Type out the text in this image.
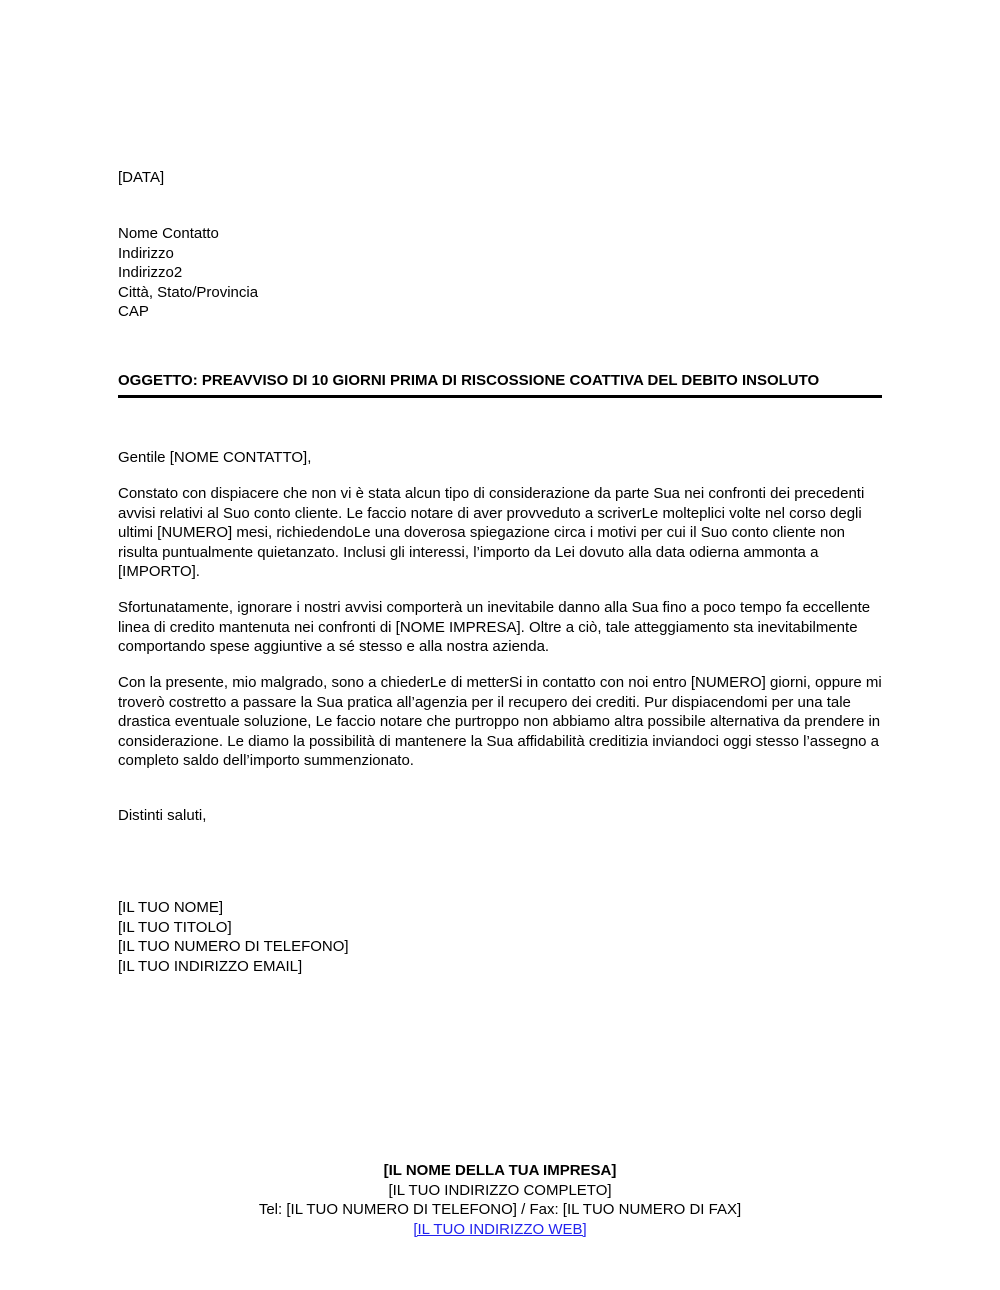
[DATA]
Nome Contatto
Indirizzo
Indirizzo2
Città, Stato/Provincia
CAP
OGGETTO: PREAVVISO DI 10 GIORNI PRIMA DI RISCOSSIONE COATTIVA DEL DEBITO INSOLUTO
Gentile [NOME CONTATTO],
Constato con dispiacere che non vi è stata alcun tipo di considerazione da parte Sua nei confronti dei precedenti avvisi relativi al Suo conto cliente. Le faccio notare di aver provveduto a scriverLe molteplici volte nel corso degli ultimi [NUMERO] mesi, richiedendoLe una doverosa spiegazione circa i motivi per cui il Suo conto cliente non risulta puntualmente quietanzato. Inclusi gli interessi, l’importo da Lei dovuto alla data odierna ammonta a [IMPORTO].
Sfortunatamente, ignorare i nostri avvisi comporterà un inevitabile danno alla Sua fino a poco tempo fa eccellente linea di credito mantenuta nei confronti di [NOME IMPRESA]. Oltre a ciò, tale atteggiamento sta inevitabilmente comportando spese aggiuntive a sé stesso e alla nostra azienda.
Con la presente, mio malgrado, sono a chiederLe di metterSi in contatto con noi entro [NUMERO] giorni, oppure mi troverò costretto a passare la Sua pratica all’agenzia per il recupero dei crediti. Pur dispiacendomi per una tale drastica eventuale soluzione, Le faccio notare che purtroppo non abbiamo altra possibile alternativa da prendere in considerazione. Le diamo la possibilità di mantenere la Sua affidabilità creditizia inviandoci oggi stesso l’assegno a completo saldo dell’importo summenzionato.
Distinti saluti,
[IL TUO NOME]
[IL TUO TITOLO]
[IL TUO NUMERO DI TELEFONO]
[IL TUO INDIRIZZO EMAIL]
[IL NOME DELLA TUA IMPRESA]
[IL TUO INDIRIZZO COMPLETO]
Tel: [IL TUO NUMERO DI TELEFONO] / Fax: [IL TUO NUMERO DI FAX]
[IL TUO INDIRIZZO WEB]
